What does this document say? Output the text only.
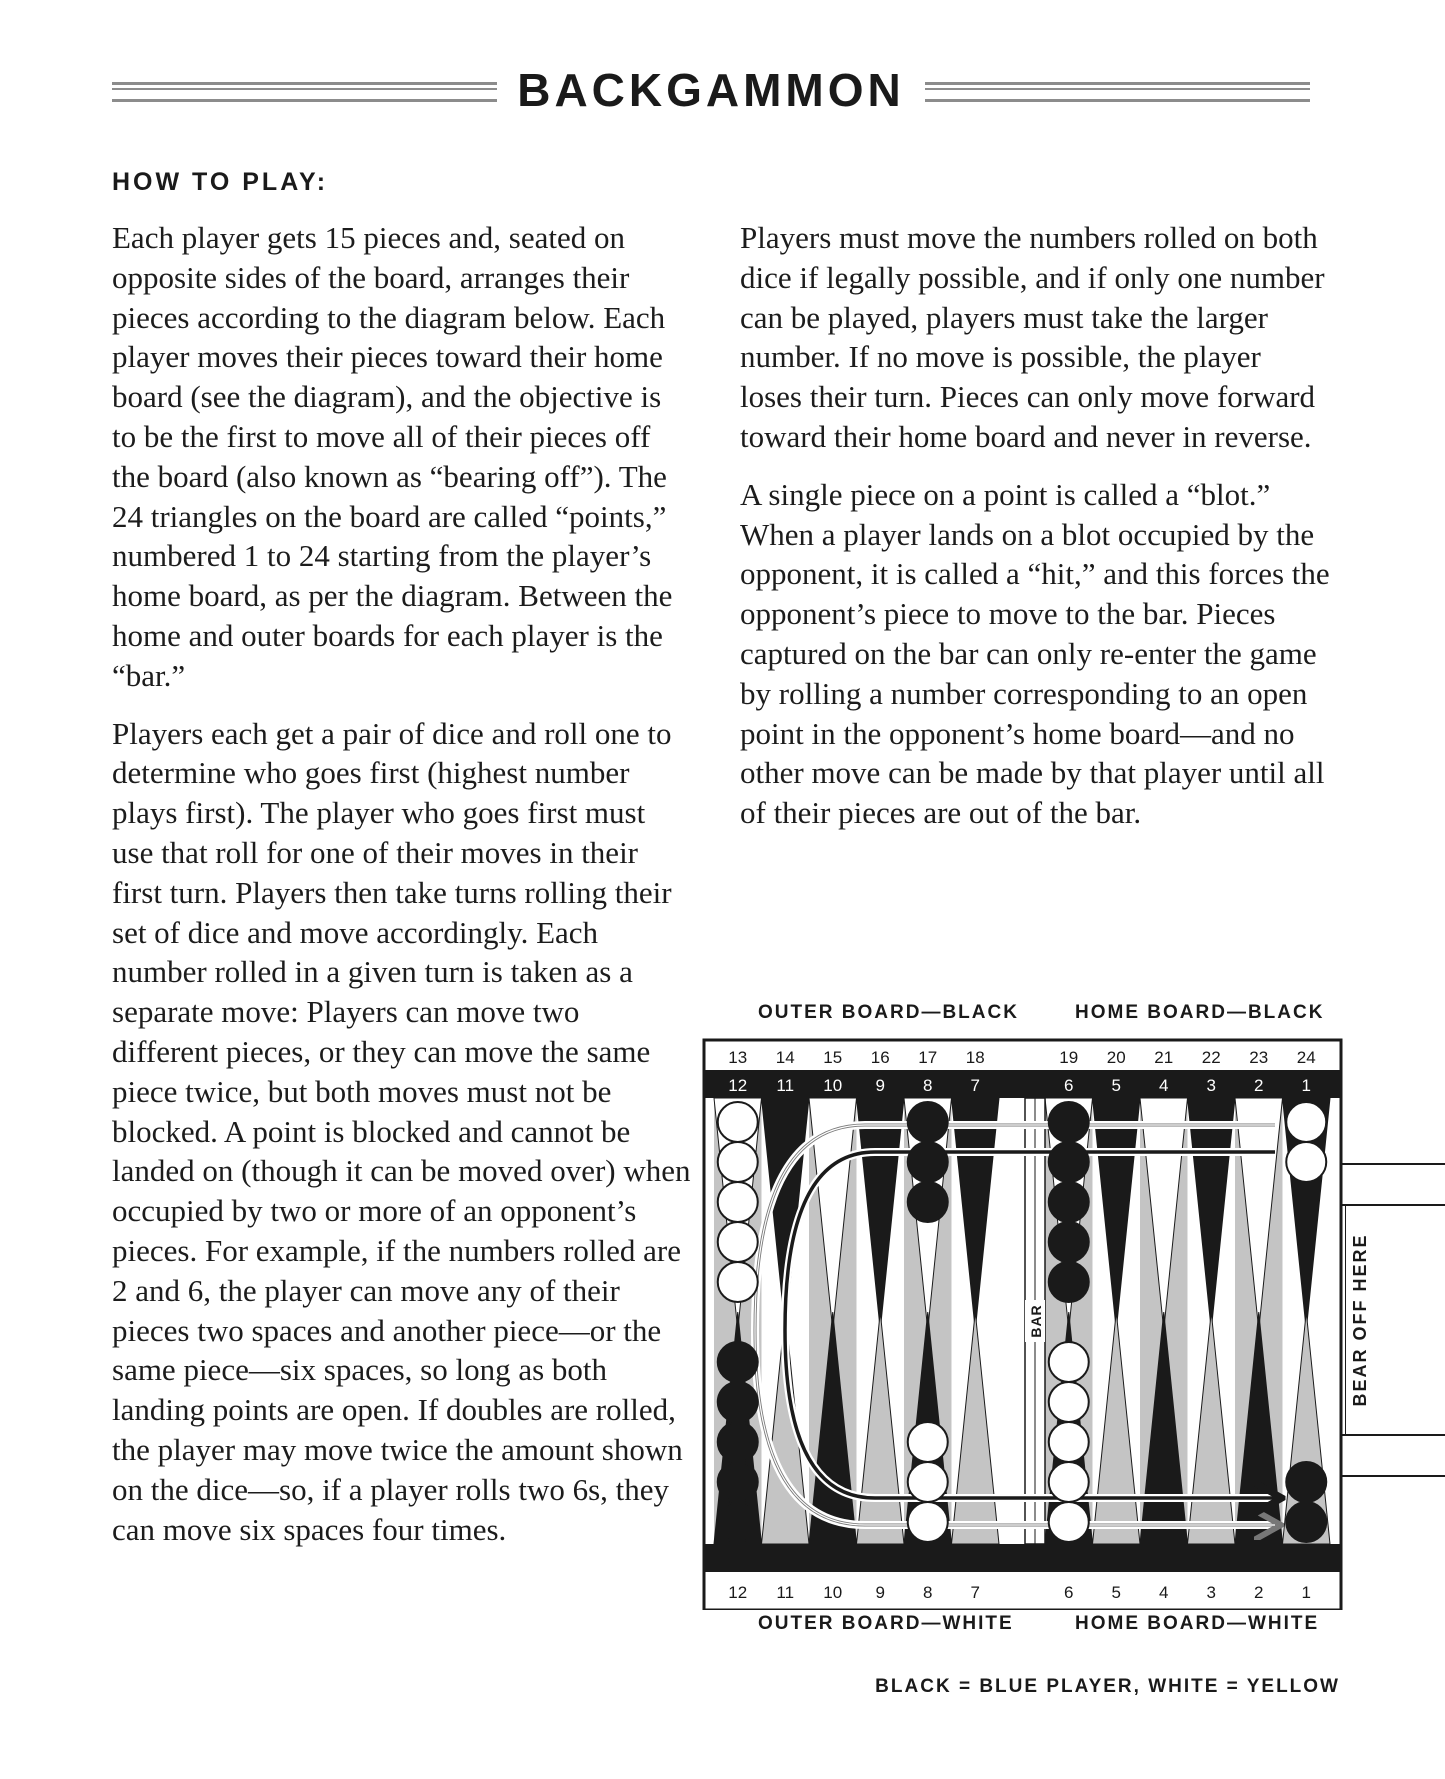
BACKGAMMON
HOW TO PLAY:

Each player gets 15 pieces and, seated on opposite sides of the board, arranges their pieces according to the diagram below. Each player moves their pieces toward their home board (see the diagram), and the objective is to be the first to move all of their pieces off the board (also known as “bearing off”). The 24 triangles on the board are called “points,” numbered 1 to 24 starting from the player’s home board, as per the diagram. Between the home and outer boards for each player is the “bar.”

Players each get a pair of dice and roll one to determine who goes first (highest number plays first). The player who goes first must use that roll for one of their moves in their first turn. Players then take turns rolling their set of dice and move accordingly. Each number rolled in a given turn is taken as a separate move: Players can move two different pieces, or they can move the same piece twice, but both moves must not be blocked. A point is blocked and cannot be landed on (though it can be moved over) when occupied by two or more of an opponent’s pieces. For example, if the numbers rolled are 2 and 6, the player can move any of their pieces two spaces and another piece—or the same piece—six spaces, so long as both landing points are open. If doubles are rolled, the player may move twice the amount shown on the dice—so, if a player rolls two 6s, they can move six spaces four times.

Players must move the numbers rolled on both dice if legally possible, and if only one number can be played, players must take the larger number. If no move is possible, the player loses their turn. Pieces can only move forward toward their home board and never in reverse.

A single piece on a point is called a “blot.” When a player lands on a blot occupied by the opponent, it is called a “hit,” and this forces the opponent’s piece to move to the bar. Pieces captured on the bar can only re-enter the game by rolling a number corresponding to an open point in the opponent’s home board—and no other move can be made by that player until all of their pieces are out of the bar.

OUTER BOARD—BLACK	HOME BOARD—BLACK
OUTER BOARD—WHITE	HOME BOARD—WHITE
13 14 15 16 17 18	19 20 21 22 23 24
12 11 10 9 8 7	6 5 4 3 2 1
12 11 10 9 8 7	6 5 4 3 2 1
BAR	BEAR OFF HERE
BLACK = BLUE PLAYER, WHITE = YELLOW
